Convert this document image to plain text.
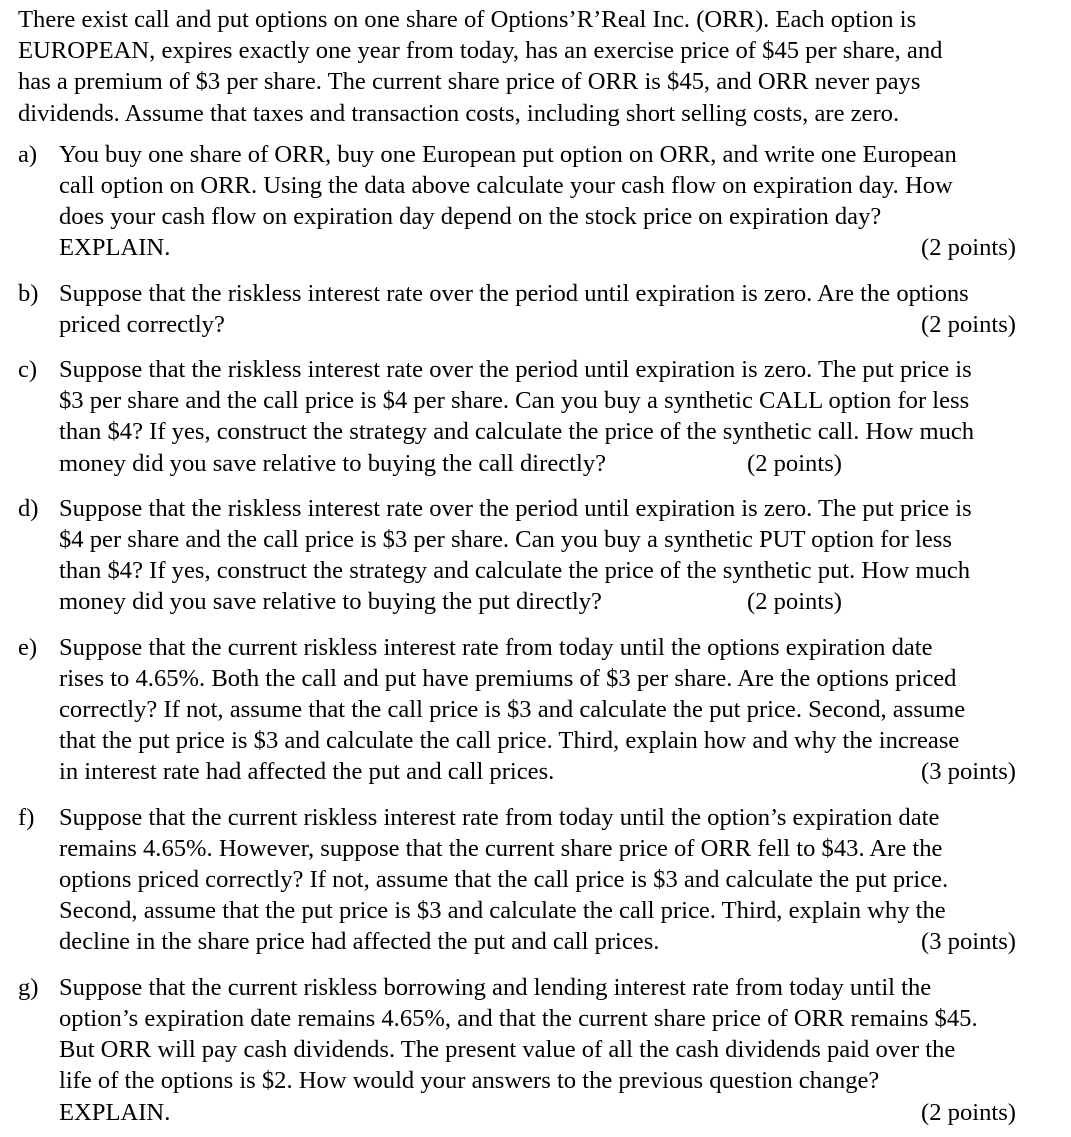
There exist call and put options on one share of Options’R’Real Inc. (ORR). Each option is
EUROPEAN, expires exactly one year from today, has an exercise price of $45 per share, and
has a premium of $3 per share. The current share price of ORR is $45, and ORR never pays
dividends. Assume that taxes and transaction costs, including short selling costs, are zero.
a) You buy one share of ORR, buy one European put option on ORR, and write one European
call option on ORR. Using the data above calculate your cash flow on expiration day. How
does your cash flow on expiration day depend on the stock price on expiration day?
EXPLAIN.	(2 points)
b) Suppose that the riskless interest rate over the period until expiration is zero. Are the options
priced correctly?	(2 points)
c) Suppose that the riskless interest rate over the period until expiration is zero. The put price is
$3 per share and the call price is $4 per share. Can you buy a synthetic CALL option for less
than $4? If yes, construct the strategy and calculate the price of the synthetic call. How much
money did you save relative to buying the call directly?	(2 points)
d) Suppose that the riskless interest rate over the period until expiration is zero. The put price is
$4 per share and the call price is $3 per share. Can you buy a synthetic PUT option for less
than $4? If yes, construct the strategy and calculate the price of the synthetic put. How much
money did you save relative to buying the put directly?	(2 points)
e) Suppose that the current riskless interest rate from today until the options expiration date
rises to 4.65%. Both the call and put have premiums of $3 per share. Are the options priced
correctly? If not, assume that the call price is $3 and calculate the put price. Second, assume
that the put price is $3 and calculate the call price. Third, explain how and why the increase
in interest rate had affected the put and call prices.	(3 points)
f)	Suppose that the current riskless interest rate from today until the option’s expiration date
remains 4.65%. However, suppose that the current share price of ORR fell to $43. Are the
options priced correctly? If not, assume that the call price is $3 and calculate the put price.
Second, assume that the put price is $3 and calculate the call price. Third, explain why the
decline in the share price had affected the put and call prices.	(3 points)
g) Suppose that the current riskless borrowing and lending interest rate from today until the
option’s expiration date remains 4.65%, and that the current share price of ORR remains $45.
But ORR will pay cash dividends. The present value of all the cash dividends paid over the
life of the options is $2. How would your answers to the previous question change?
EXPLAIN.	(2 points)
